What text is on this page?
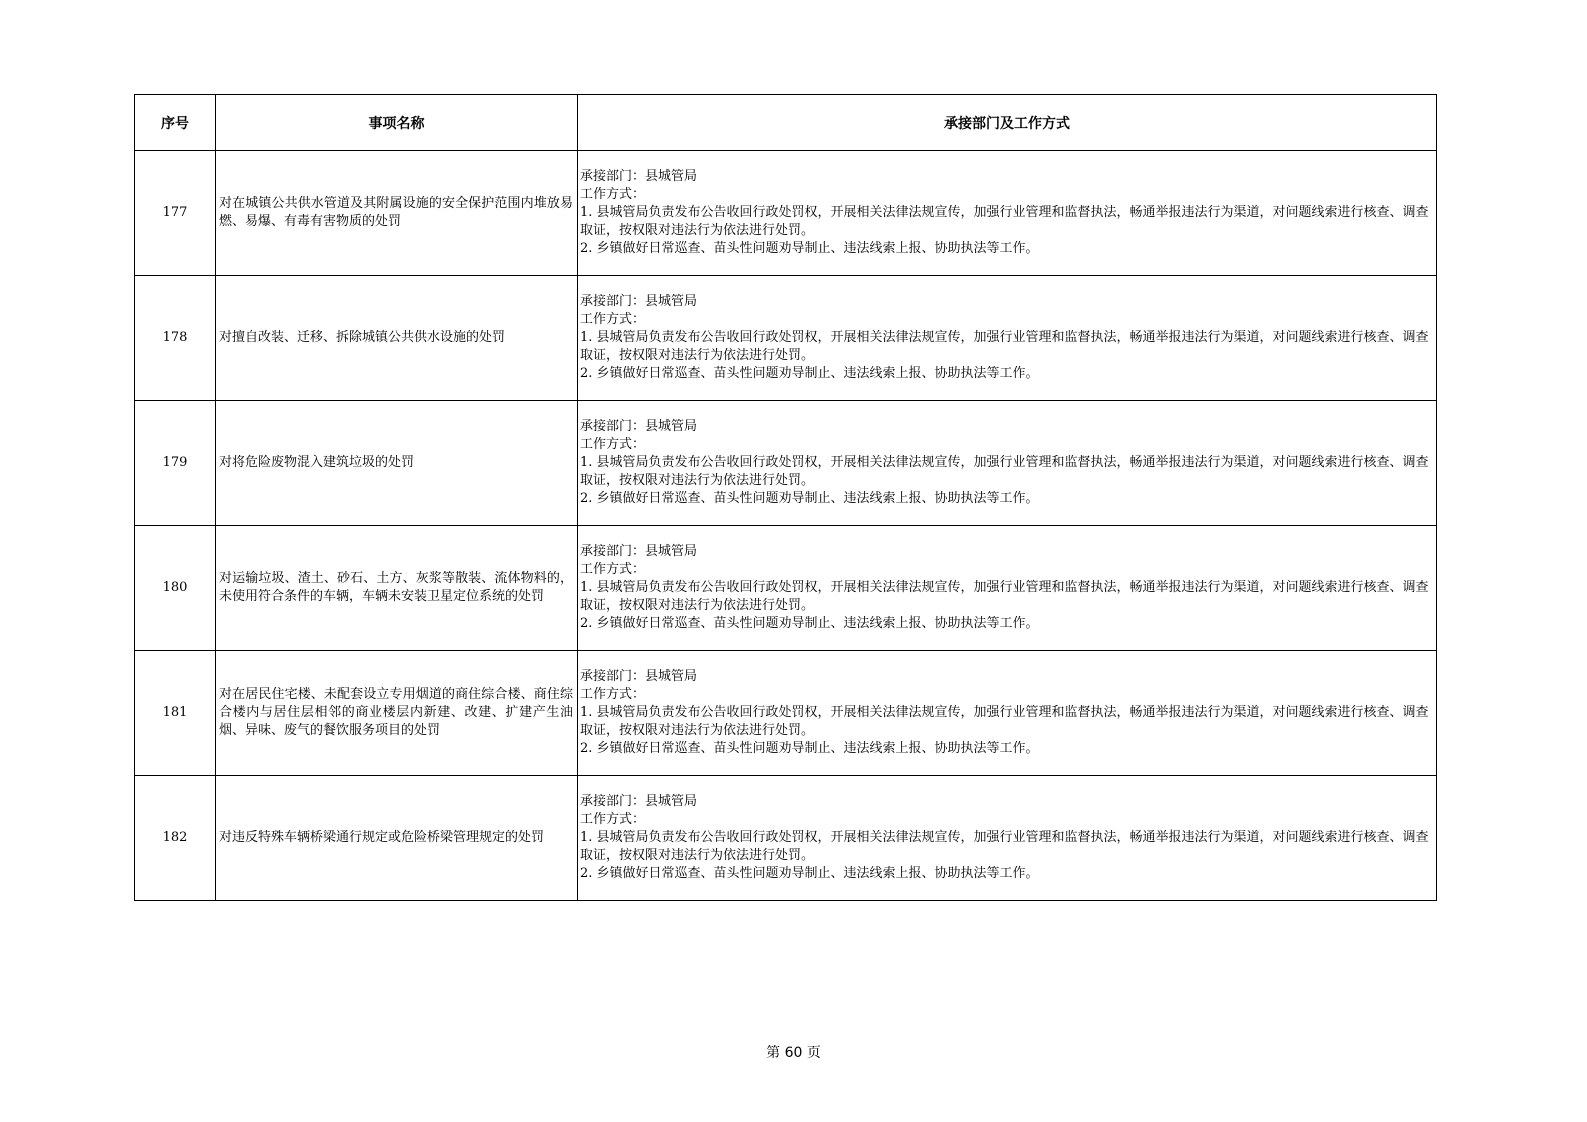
序号	事项名称	承接部门及工作方式
177	对在城镇公共供水管道及其附属设施的安全保护范围内堆放易燃、易爆、有毒有害物质的处罚	承接部门：县城管局
工作方式：
1. 县城管局负责发布公告收回行政处罚权，开展相关法律法规宣传，加强行业管理和监督执法，畅通举报违法行为渠道，对问题线索进行核查、调查取证，按权限对违法行为依法进行处罚。
2. 乡镇做好日常巡查、苗头性问题劝导制止、违法线索上报、协助执法等工作。

178	对擅自改装、迁移、拆除城镇公共供水设施的处罚	承接部门：县城管局
工作方式：
1. 县城管局负责发布公告收回行政处罚权，开展相关法律法规宣传，加强行业管理和监督执法，畅通举报违法行为渠道，对问题线索进行核查、调查取证，按权限对违法行为依法进行处罚。
2. 乡镇做好日常巡查、苗头性问题劝导制止、违法线索上报、协助执法等工作。

179	对将危险废物混入建筑垃圾的处罚	承接部门：县城管局
工作方式：
1. 县城管局负责发布公告收回行政处罚权，开展相关法律法规宣传，加强行业管理和监督执法，畅通举报违法行为渠道，对问题线索进行核查、调查取证，按权限对违法行为依法进行处罚。
2. 乡镇做好日常巡查、苗头性问题劝导制止、违法线索上报、协助执法等工作。

180	对运输垃圾、渣土、砂石、土方、灰浆等散装、流体物料的，未使用符合条件的车辆，车辆未安装卫星定位系统的处罚	承接部门：县城管局
工作方式：
1. 县城管局负责发布公告收回行政处罚权，开展相关法律法规宣传，加强行业管理和监督执法，畅通举报违法行为渠道，对问题线索进行核查、调查取证，按权限对违法行为依法进行处罚。
2. 乡镇做好日常巡查、苗头性问题劝导制止、违法线索上报、协助执法等工作。

181	对在居民住宅楼、未配套设立专用烟道的商住综合楼、商住综合楼内与居住层相邻的商业楼层内新建、改建、扩建产生油烟、异味、废气的餐饮服务项目的处罚	承接部门：县城管局
工作方式：
1. 县城管局负责发布公告收回行政处罚权，开展相关法律法规宣传，加强行业管理和监督执法，畅通举报违法行为渠道，对问题线索进行核查、调查取证，按权限对违法行为依法进行处罚。
2. 乡镇做好日常巡查、苗头性问题劝导制止、违法线索上报、协助执法等工作。

182	对违反特殊车辆桥梁通行规定或危险桥梁管理规定的处罚	承接部门：县城管局
工作方式：
1. 县城管局负责发布公告收回行政处罚权，开展相关法律法规宣传，加强行业管理和监督执法，畅通举报违法行为渠道，对问题线索进行核查、调查取证，按权限对违法行为依法进行处罚。
2. 乡镇做好日常巡查、苗头性问题劝导制止、违法线索上报、协助执法等工作。
第 60 页
